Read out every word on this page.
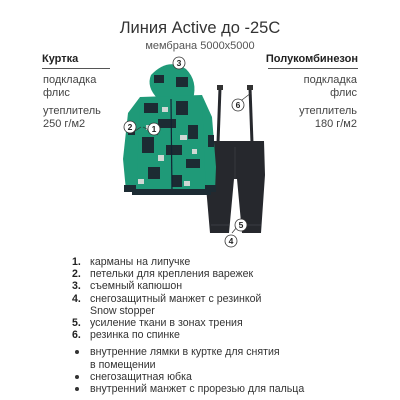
Линия Active до -25С
мембрана 5000х5000
Куртка
подкладка
флис
утеплитель
250 г/м2
Полукомбинезон
подкладка
флис
утеплитель
180 г/м2
3
2 1
6
5
4
1. карманы на липучке
2. петельки для крепления варежек
3. съемный капюшон
4. снегозащитный манжет с резинкой
Snow stopper
5. усиление ткани в зонах трения
6. резинка по спинке
внутренние лямки в куртке для снятия
в помещении
снегозащитная юбка
внутренний манжет с прорезью для пальца
